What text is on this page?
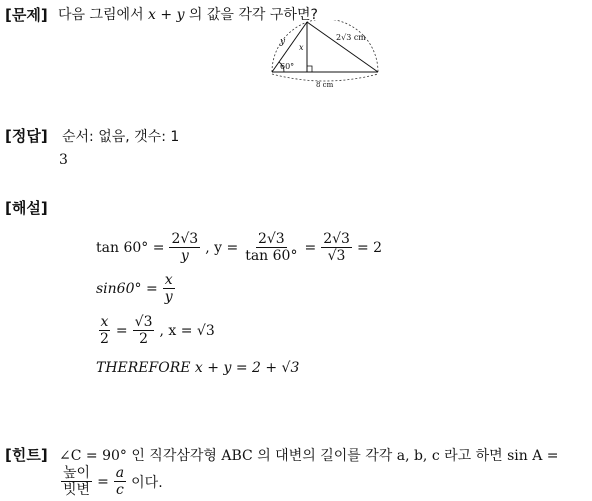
[문제] 다음 그림에서 x + y 의 값을 각각 구하면?
y
x
60°
2√3 cm
8 cm
[정답] 순서: 없음, 갯수: 1
3
[해설]
$\tan 60^\circ = \frac{2√3}{y}$ , $y = \frac{2√3}{\tan 60^\circ} = \frac{2√3}{√3} = 2$
$\sin 60^\circ = \frac{x}{y}$
$\frac{x}{2} = \frac{√3}{2}$ , x = √3
THEREFORE x + y = 2 + √3
[힌트] ∠C = 90° 인 직각삼각형 ABC 의 대변의 길이를 각각 a, b, c 라고 하면 sin A =
$\frac{\text{높이}}{\text{빗변}} = \frac{a}{c}$ 이다.
